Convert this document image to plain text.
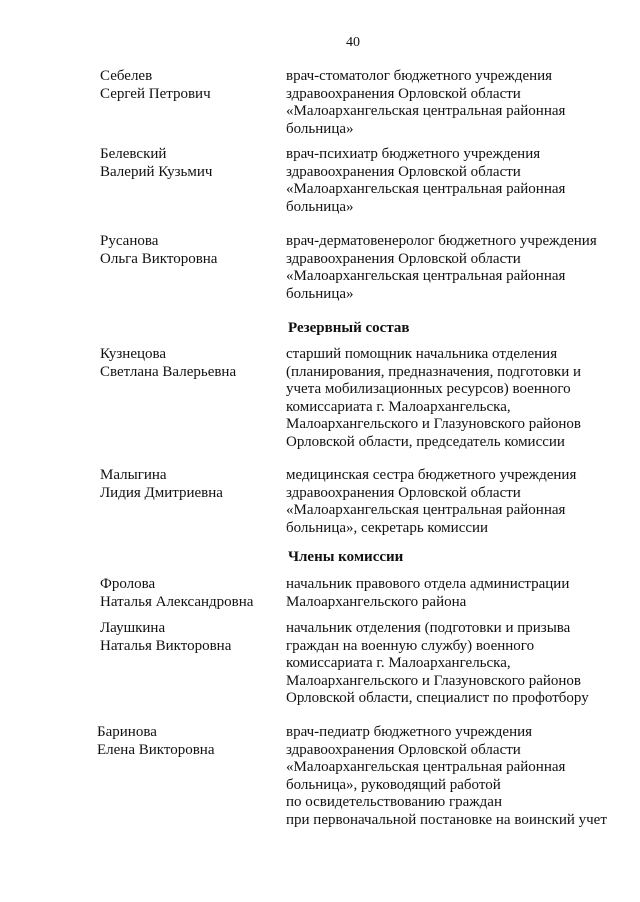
40
Себелев
Сергей Петрович
врач-стоматолог бюджетного учреждения
здравоохранения Орловской области
«Малоархангельская центральная районная
больница»
Белевский
Валерий Кузьмич
врач-психиатр бюджетного учреждения
здравоохранения Орловской области
«Малоархангельская центральная районная
больница»
Русанова
Ольга Викторовна
врач-дерматовенеролог бюджетного учреждения
здравоохранения Орловской области
«Малоархангельская центральная районная
больница»
Резервный состав
Кузнецова
Светлана Валерьевна
старший помощник начальника отделения
(планирования, предназначения, подготовки и
учета мобилизационных ресурсов) военного
комиссариата г. Малоархангельска,
Малоархангельского и Глазуновского районов
Орловской области, председатель комиссии
Малыгина
Лидия Дмитриевна
медицинская сестра бюджетного учреждения
здравоохранения Орловской области
«Малоархангельская центральная районная
больница», секретарь комиссии
Члены комиссии
Фролова
Наталья Александровна
начальник правового отдела администрации
Малоархангельского района
Лаушкина
Наталья Викторовна
начальник отделения (подготовки и призыва
граждан на военную службу) военного
комиссариата г. Малоархангельска,
Малоархангельского и Глазуновского районов
Орловской области, специалист по профотбору
Баринова
Елена Викторовна
врач-педиатр бюджетного учреждения
здравоохранения Орловской области
«Малоархангельская центральная районная
больница», руководящий работой
по освидетельствованию граждан
при первоначальной постановке на воинский учет
